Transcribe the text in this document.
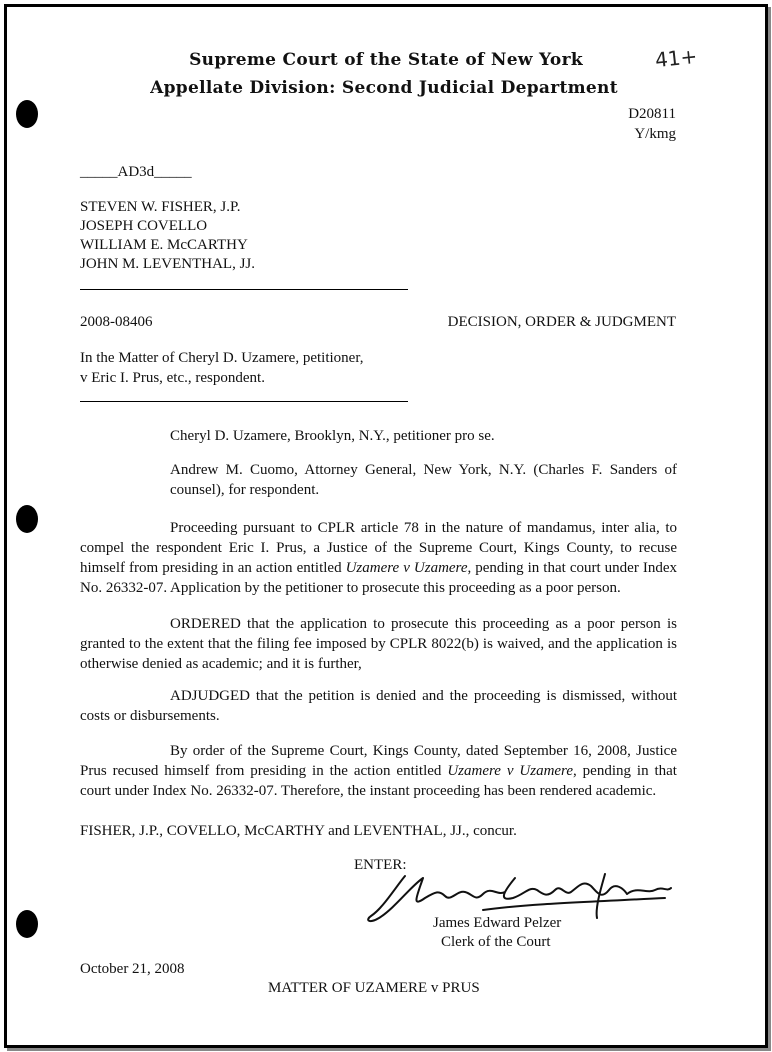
Supreme Court of the State of New York
Appellate Division: Second Judicial Department
41+
D20811
Y/kmg
_____AD3d_____
STEVEN W. FISHER, J.P.
JOSEPH COVELLO
WILLIAM E. McCARTHY
JOHN M. LEVENTHAL, JJ.
2008-08406	DECISION, ORDER & JUDGMENT
In the Matter of Cheryl D. Uzamere, petitioner,
v Eric I. Prus, etc., respondent.
Cheryl D. Uzamere, Brooklyn, N.Y., petitioner pro se.
Andrew M. Cuomo, Attorney General, New York, N.Y. (Charles F. Sanders of counsel), for respondent.
Proceeding pursuant to CPLR article 78 in the nature of mandamus, inter alia, to compel the respondent Eric I. Prus, a Justice of the Supreme Court, Kings County, to recuse himself from presiding in an action entitled Uzamere v Uzamere, pending in that court under Index No. 26332-07. Application by the petitioner to prosecute this proceeding as a poor person.
ORDERED that the application to prosecute this proceeding as a poor person is granted to the extent that the filing fee imposed by CPLR 8022(b) is waived, and the application is otherwise denied as academic; and it is further,
ADJUDGED that the petition is denied and the proceeding is dismissed, without costs or disbursements.
By order of the Supreme Court, Kings County, dated September 16, 2008, Justice Prus recused himself from presiding in the action entitled Uzamere v Uzamere, pending in that court under Index No. 26332-07. Therefore, the instant proceeding has been rendered academic.
FISHER, J.P., COVELLO, McCARTHY and LEVENTHAL, JJ., concur.
ENTER:
James Edward Pelzer
Clerk of the Court
October 21, 2008
MATTER OF UZAMERE v PRUS
